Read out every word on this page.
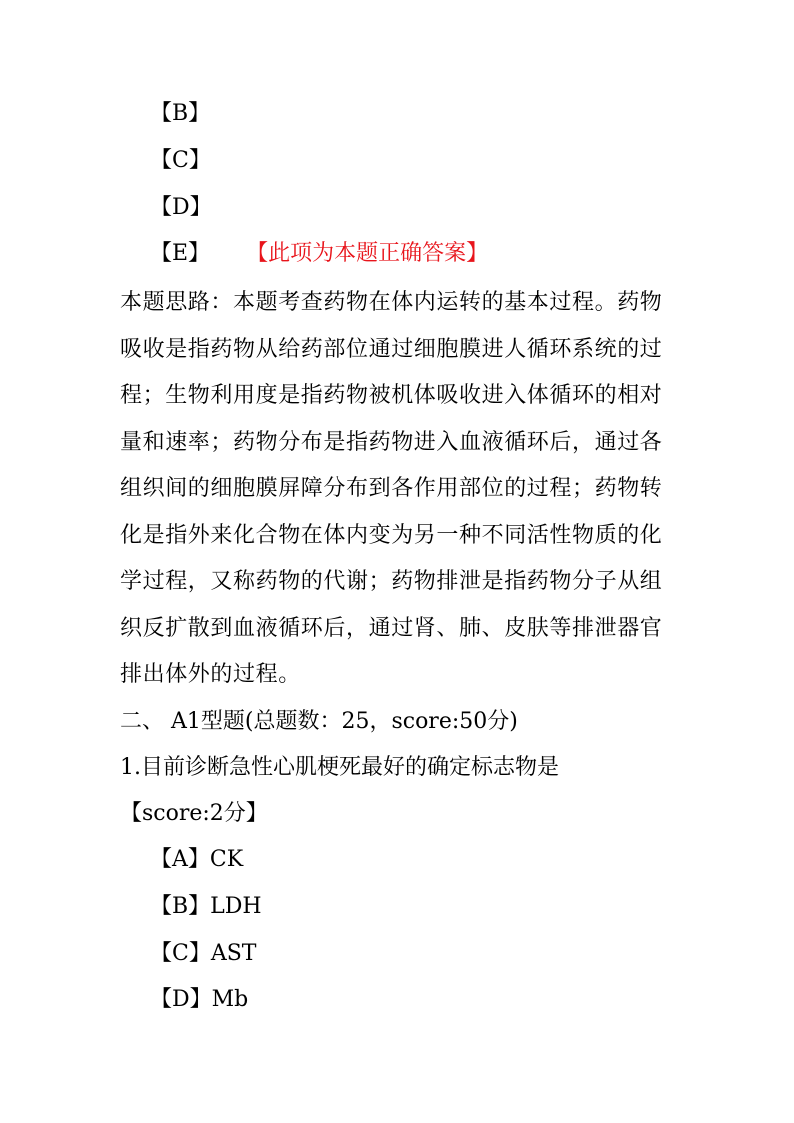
【B】
【C】
【D】
【E】 【此项为本题正确答案】
本题思路：本题考查药物在体内运转的基本过程。药物吸收是指药物从给药部位通过细胞膜进人循环系统的过程；生物利用度是指药物被机体吸收进入体循环的相对量和速率；药物分布是指药物进入血液循环后，通过各组织间的细胞膜屏障分布到各作用部位的过程；药物转化是指外来化合物在体内变为另一种不同活性物质的化学过程，又称药物的代谢；药物排泄是指药物分子从组织反扩散到血液循环后，通过肾、肺、皮肤等排泄器官排出体外的过程。
二、 A1型题(总题数：25，score:50分)
1.目前诊断急性心肌梗死最好的确定标志物是
【score:2分】
【A】CK
【B】LDH
【C】AST
【D】Mb
